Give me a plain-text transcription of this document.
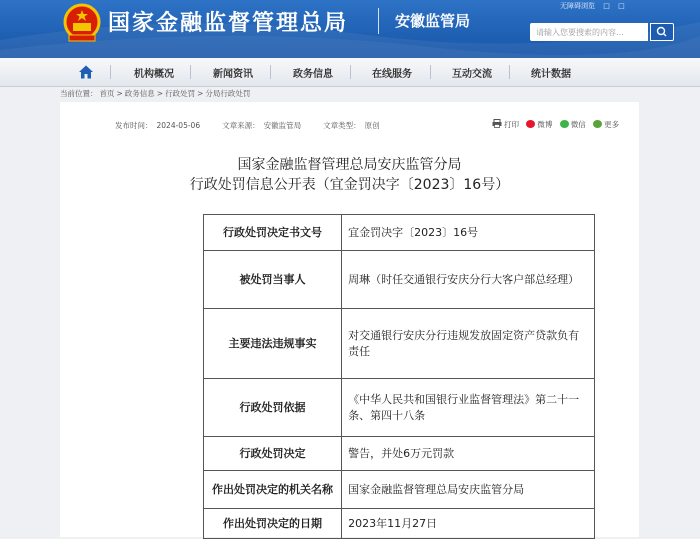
国家金融监督管理总局	安徽监管局
无障碍浏览 □ □
请输入您要搜索的内容...
机构概况	新闻资讯	政务信息	在线服务	互动交流	统计数据
当前位置： 首页 > 政务信息 > 行政处罚 > 分局行政处罚
发布时间： 2024-05-06	文章来源： 安徽监管局	文章类型： 原创	打印 微博 微信 更多
国家金融监督管理总局安庆监管分局
行政处罚信息公开表（宜金罚决字〔2023〕16号）
行政处罚决定书文号	宜金罚决字〔2023〕16号
被处罚当事人	周琳（时任交通银行安庆分行大客户部总经理）
主要违法违规事实	对交通银行安庆分行违规发放固定资产贷款负有责任
行政处罚依据	《中华人民共和国银行业监督管理法》第二十一条、第四十八条
行政处罚决定	警告，并处6万元罚款
作出处罚决定的机关名称	国家金融监督管理总局安庆监管分局
作出处罚决定的日期	2023年11月27日
